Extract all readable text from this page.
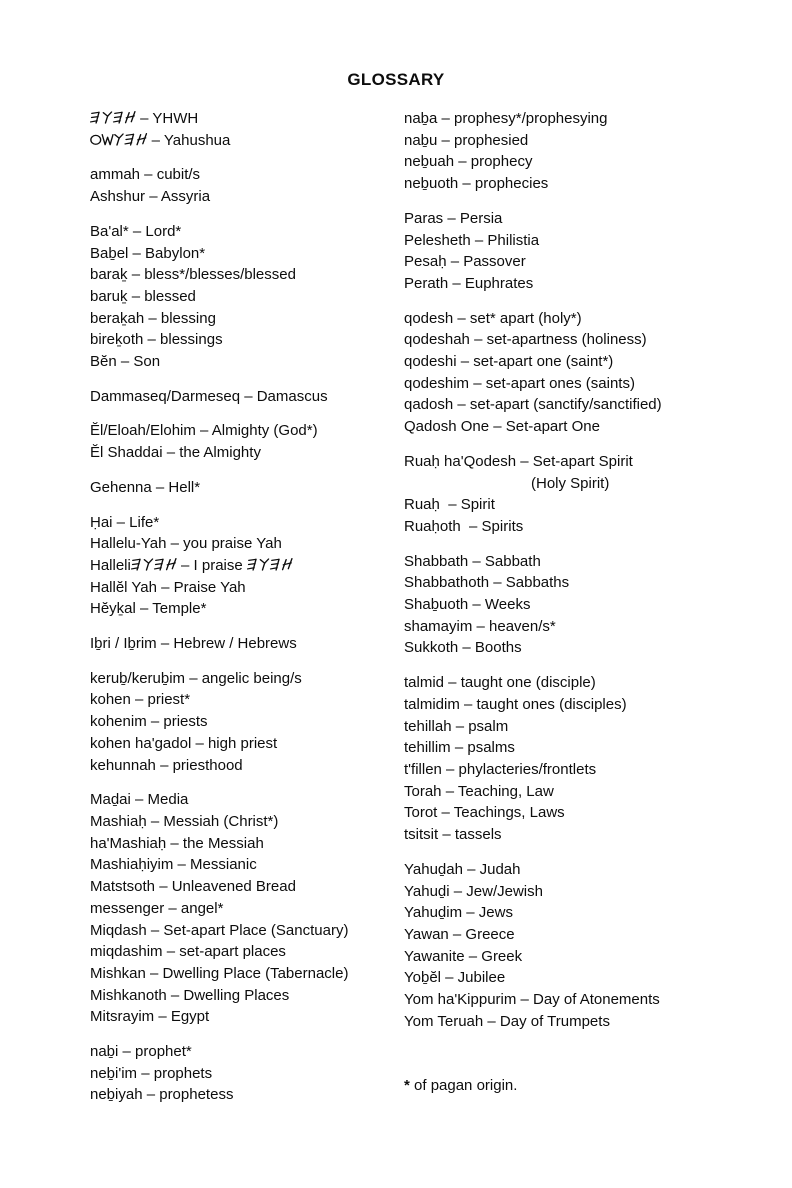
GLOSSARY
– YHWH
– Yahushua
ammah – cubit/s
Ashshur – Assyria
Ba'al* – Lord*
Baḇel – Babylon*
baraḵ – bless*/blesses/blessed
baruḵ – blessed
beraḵah – blessing
bireḵoth – blessings
Bĕn – Son
Dammaseq/Darmeseq – Damascus
Ĕl/Eloah/Elohim – Almighty (God*)
Ĕl Shaddai – the Almighty
Gehenna – Hell*
Ḥai – Life*
Hallelu-Yah – you praise Yah
Halleli	– I praise
Hallĕl Yah – Praise Yah
Hĕyḵal – Temple*
Iḇri / Iḇrim – Hebrew / Hebrews
keruḇ/keruḇim – angelic being/s
kohen – priest*
kohenim – priests
kohen ha'gadol – high priest
kehunnah – priesthood
Maḏai – Media
Mashiaḥ – Messiah (Christ*)
ha'Mashiaḥ – the Messiah
Mashiaḥiyim – Messianic
Matstsoth – Unleavened Bread
messenger – angel*
Miqdash – Set-apart Place (Sanctuary)
miqdashim – set-apart places
Mishkan – Dwelling Place (Tabernacle)
Mishkanoth – Dwelling Places
Mitsrayim – Egypt
naḇi – prophet*
neḇi'im – prophets
neḇiyah – prophetess
naḇa – prophesy*/prophesying
naḇu – prophesied
neḇuah – prophecy
neḇuoth – prophecies
Paras – Persia
Pelesheth – Philistia
Pesaḥ – Passover
Perath – Euphrates
qodesh – set* apart (holy*)
qodeshah – set-apartness (holiness)
qodeshi – set-apart one (saint*)
qodeshim – set-apart ones (saints)
qadosh – set-apart (sanctify/sanctified)
Qadosh One – Set-apart One
Ruaḥ ha'Qodesh – Set-apart Spirit
(Holy Spirit)
Ruaḥ  – Spirit
Ruaḥoth  – Spirits
Shabbath – Sabbath
Shabbathoth – Sabbaths
Shaḇuoth – Weeks
shamayim – heaven/s*
Sukkoth – Booths
talmid – taught one (disciple)
talmidim – taught ones (disciples)
tehillah – psalm
tehillim – psalms
t'fillen – phylacteries/frontlets
Torah – Teaching, Law
Torot – Teachings, Laws
tsitsit – tassels
Yahuḏah – Judah
Yahuḏi – Jew/Jewish
Yahuḏim – Jews
Yawan – Greece
Yawanite – Greek
Yoḇĕl – Jubilee
Yom ha'Kippurim – Day of Atonements
Yom Teruah – Day of Trumpets
* of pagan origin.
